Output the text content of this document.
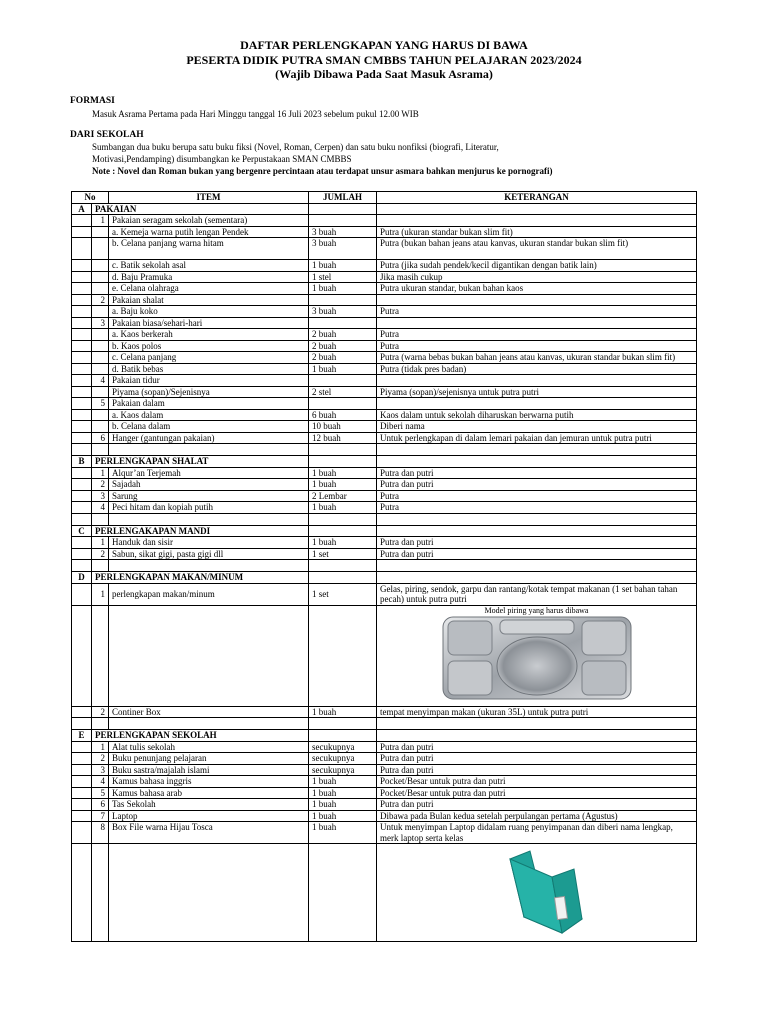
DAFTAR PERLENGKAPAN YANG HARUS DI BAWA
PESERTA DIDIK PUTRA SMAN CMBBS TAHUN PELAJARAN 2023/2024
(Wajib Dibawa Pada Saat Masuk Asrama)
FORMASI
Masuk Asrama Pertama pada Hari Minggu tanggal 16 Juli 2023 sebelum pukul 12.00 WIB
DARI SEKOLAH
Sumbangan dua buku berupa satu buku fiksi (Novel, Roman, Cerpen) dan satu buku nonfiksi (biografi, Literatur,
Motivasi,Pendamping) disumbangkan ke Perpustakaan SMAN CMBBS
Note : Novel dan Roman bukan yang bergenre percintaan atau terdapat unsur asmara bahkan menjurus ke pornografi)
No		ITEM	JUMLAH	KETERANGAN
A	PAKAIAN			
	1	Pakaian seragam sekolah (sementara)		
		a. Kemeja warna putih lengan Pendek	3 buah	Putra (ukuran standar bukan slim fit)
		b. Celana panjang warna hitam	3 buah	Putra (bukan bahan jeans atau kanvas, ukuran standar bukan slim fit)
		c. Batik sekolah asal	1 buah	Putra (jika sudah pendek/kecil digantikan dengan batik lain)
		d. Baju Pramuka	1 stel	Jika masih cukup
		e. Celana olahraga	1 buah	Putra ukuran standar, bukan bahan kaos
	2	Pakaian shalat		
		a. Baju koko	3 buah	Putra
	3	Pakaian biasa/sehari-hari		
		a. Kaos berkerah	2 buah	Putra
		b. Kaos polos	2 buah	Putra
		c. Celana panjang	2 buah	Putra (warna bebas bukan bahan jeans atau kanvas, ukuran standar bukan slim fit)
		d. Batik bebas	1 buah	Putra (tidak pres badan)
	4	Pakaian tidur		
		Piyama (sopan)/Sejenisnya	2 stel	Piyama (sopan)/sejenisnya untuk putra putri
	5	Pakaian dalam		
		a. Kaos dalam	6 buah	Kaos dalam untuk sekolah diharuskan berwarna putih
		b. Celana dalam	10 buah	Diberi nama
	6	Hanger (gantungan pakaian)	12 buah	Untuk perlengkapan di dalam lemari pakaian dan jemuran untuk putra putri

B	PERLENGKAPAN SHALAT			
	1	Alqur’an Terjemah	1 buah	Putra dan putri
	2	Sajadah	1 buah	Putra dan putri
	3	Sarung	2 Lembar	Putra
	4	Peci hitam dan kopiah putih	1 buah	Putra

C	PERLENGAKAPAN MANDI			
	1	Handuk dan sisir	1 buah	Putra dan putri
	2	Sabun, sikat gigi, pasta gigi dll	1 set	Putra dan putri

D	PERLENGKAPAN MAKAN/MINUM			
	1	perlengkapan makan/minum	1 set	Gelas, piring, sendok, garpu dan rantang/kotak tempat makanan (1 set bahan tahan pecah) untuk putra putri

				Model piring yang harus dibawa

	2	Continer Box	1 buah	tempat menyimpan makan (ukuran 35L) untuk putra putri

E	PERLENGKAPAN SEKOLAH			
	1	Alat tulis sekolah	secukupnya	Putra dan putri
	2	Buku penunjang pelajaran	secukupnya	Putra dan putri
	3	Buku sastra/majalah islami	secukupnya	Putra dan putri
	4	Kamus bahasa inggris	1 buah	Pocket/Besar untuk putra dan putri
	5	Kamus bahasa arab	1 buah	Pocket/Besar untuk putra dan putri
	6	Tas Sekolah	1 buah	Putra dan putri
	7	Laptop	1 buah	Dibawa pada Bulan kedua setelah perpulangan pertama (Agustus)
	8	Box File warna Hijau Tosca	1 buah	Untuk menyimpan Laptop didalam ruang penyimpanan dan diberi nama lengkap, merk laptop serta kelas
